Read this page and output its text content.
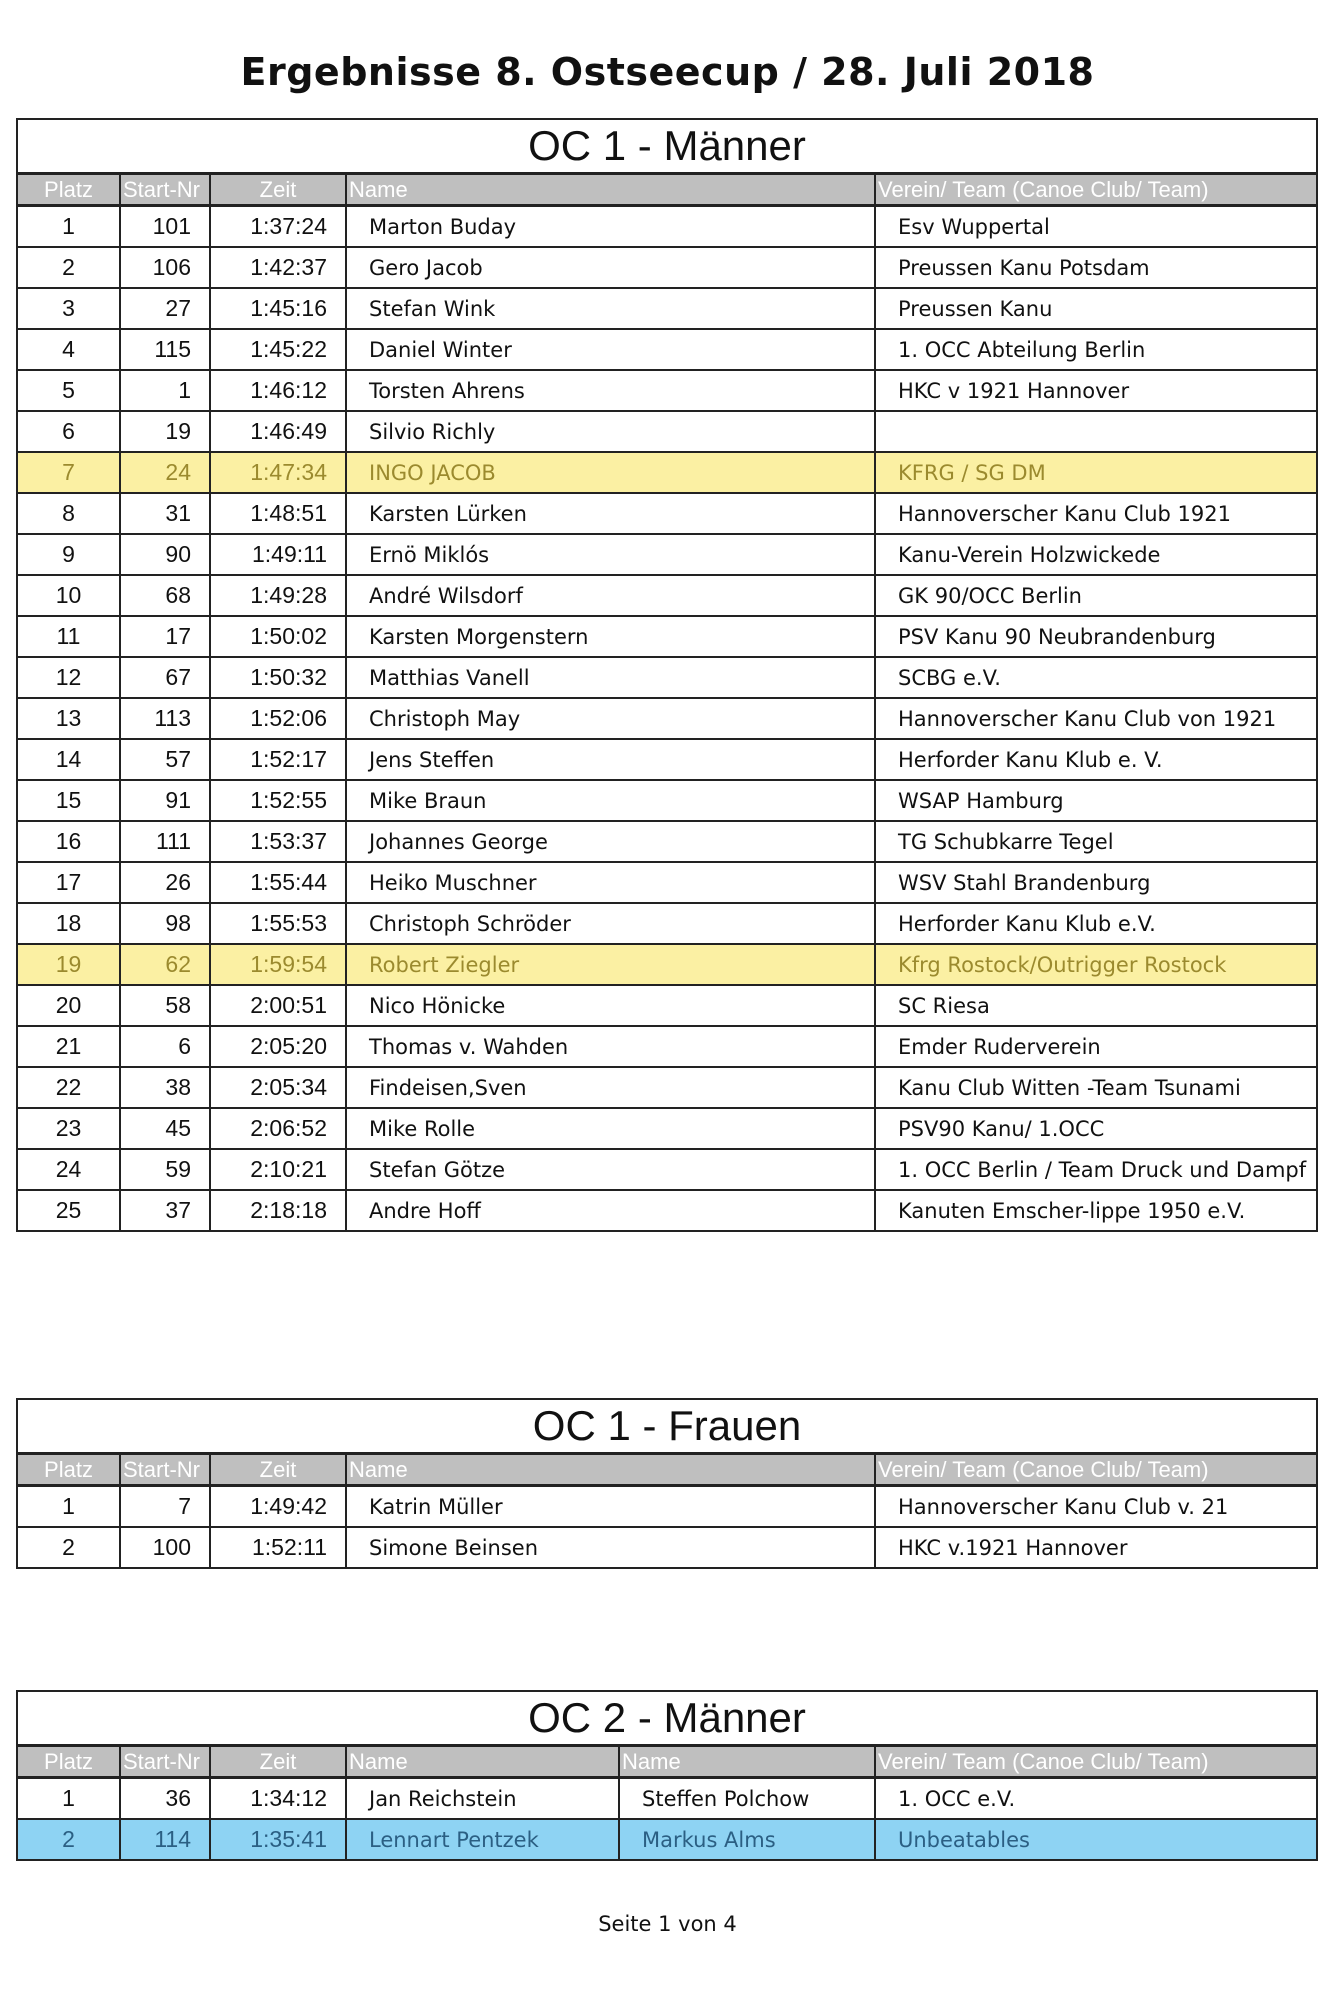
Ergebnisse 8. Ostseecup / 28. Juli 2018
OC 1 - Männer				
Platz	Start-Nr	Zeit	Name	Verein/ Team (Canoe Club/ Team)
1	101	1:37:24	Marton Buday	Esv Wuppertal
2	106	1:42:37	Gero Jacob	Preussen Kanu Potsdam
3	27	1:45:16	Stefan Wink	Preussen Kanu
4	115	1:45:22	Daniel Winter	1. OCC Abteilung Berlin
5	1	1:46:12	Torsten Ahrens	HKC v 1921 Hannover
6	19	1:46:49	Silvio Richly	
7	24	1:47:34	INGO JACOB	KFRG / SG DM
8	31	1:48:51	Karsten Lürken	Hannoverscher Kanu Club 1921
9	90	1:49:11	Ernö Miklós	Kanu-Verein Holzwickede
10	68	1:49:28	André Wilsdorf	GK 90/OCC Berlin
11	17	1:50:02	Karsten Morgenstern	PSV Kanu 90 Neubrandenburg
12	67	1:50:32	Matthias Vanell	SCBG e.V.
13	113	1:52:06	Christoph May	Hannoverscher Kanu Club von 1921
14	57	1:52:17	Jens Steffen	Herforder Kanu Klub e. V.
15	91	1:52:55	Mike Braun	WSAP Hamburg
16	111	1:53:37	Johannes George	TG Schubkarre Tegel
17	26	1:55:44	Heiko Muschner	WSV Stahl Brandenburg
18	98	1:55:53	Christoph Schröder	Herforder Kanu Klub e.V.
19	62	1:59:54	Robert Ziegler	Kfrg Rostock/Outrigger Rostock
20	58	2:00:51	Nico Hönicke	SC Riesa
21	6	2:05:20	Thomas v. Wahden	Emder Ruderverein
22	38	2:05:34	Findeisen,Sven	Kanu Club Witten -Team Tsunami
23	45	2:06:52	Mike Rolle	PSV90 Kanu/ 1.OCC
24	59	2:10:21	Stefan Götze	1. OCC Berlin / Team Druck und Dampf
25	37	2:18:18	Andre Hoff	Kanuten Emscher-lippe 1950 e.V.
OC 1 - Frauen				
Platz	Start-Nr	Zeit	Name	Verein/ Team (Canoe Club/ Team)
1	7	1:49:42	Katrin Müller	Hannoverscher Kanu Club v. 21
2	100	1:52:11	Simone Beinsen	HKC v.1921 Hannover
OC 2 - Männer					
Platz	Start-Nr	Zeit	Name	Name	Verein/ Team (Canoe Club/ Team)
1	36	1:34:12	Jan Reichstein	Steffen Polchow	1. OCC e.V.
2	114	1:35:41	Lennart Pentzek	Markus Alms	Unbeatables
Seite 1 von 4
